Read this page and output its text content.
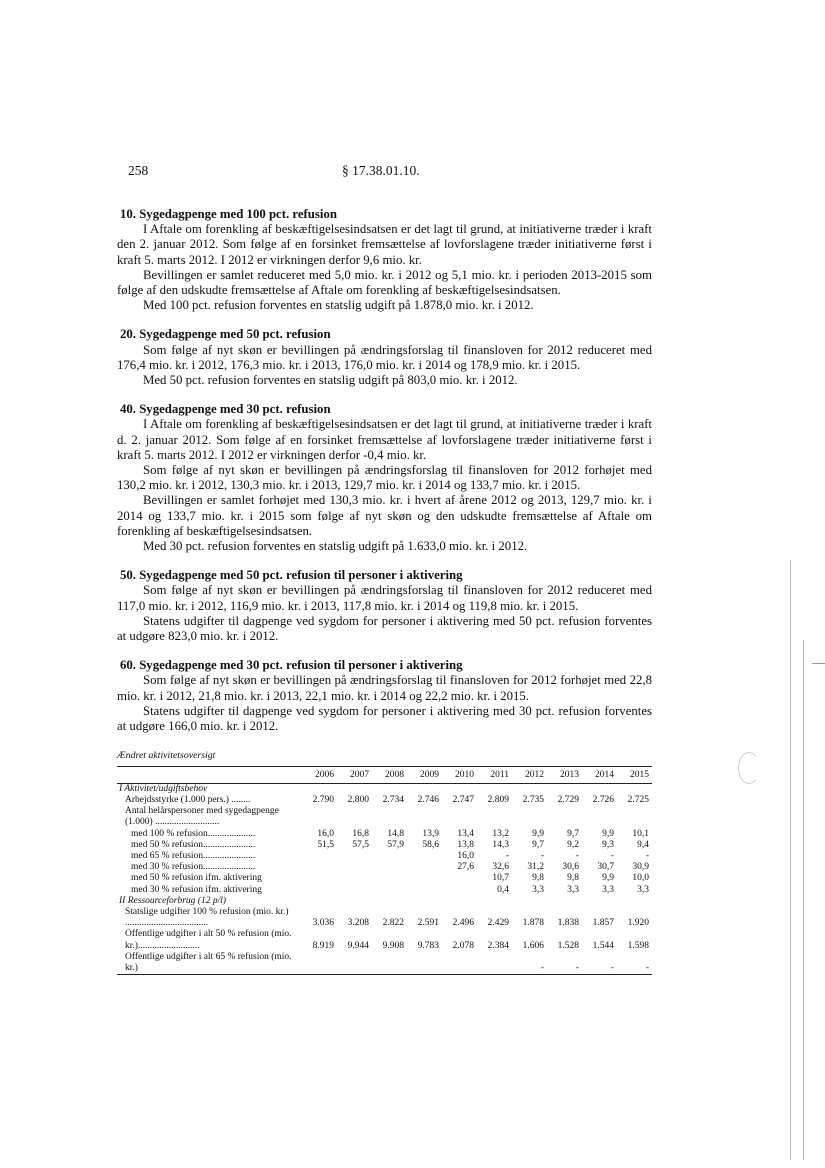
258	§ 17.38.01.10.

10. Sygedagpenge med 100 pct. refusion

I Aftale om forenkling af beskæftigelsesindsatsen er det lagt til grund, at initiativerne træder i kraft den 2. januar 2012. Som følge af en forsinket fremsættelse af lovforslagene træder initiativerne først i kraft 5. marts 2012. I 2012 er virkningen derfor 9,6 mio. kr.

Bevillingen er samlet reduceret med 5,0 mio. kr. i 2012 og 5,1 mio. kr. i perioden 2013-2015 som følge af den udskudte fremsættelse af Aftale om forenkling af beskæftigelsesindsatsen.

Med 100 pct. refusion forventes en statslig udgift på 1.878,0 mio. kr. i 2012.

20. Sygedagpenge med 50 pct. refusion

Som følge af nyt skøn er bevillingen på ændringsforslag til finansloven for 2012 reduceret med 176,4 mio. kr. i 2012, 176,3 mio. kr. i 2013, 176,0 mio. kr. i 2014 og 178,9 mio. kr. i 2015.

Med 50 pct. refusion forventes en statslig udgift på 803,0 mio. kr. i 2012.

40. Sygedagpenge med 30 pct. refusion

I Aftale om forenkling af beskæftigelsesindsatsen er det lagt til grund, at initiativerne træder i kraft d. 2. januar 2012. Som følge af en forsinket fremsættelse af lovforslagene træder initiativerne først i kraft 5. marts 2012. I 2012 er virkningen derfor -0,4 mio. kr.

Som følge af nyt skøn er bevillingen på ændringsforslag til finansloven for 2012 forhøjet med 130,2 mio. kr. i 2012, 130,3 mio. kr. i 2013, 129,7 mio. kr. i 2014 og 133,7 mio. kr. i 2015.

Bevillingen er samlet forhøjet med 130,3 mio. kr. i hvert af årene 2012 og 2013, 129,7 mio. kr. i 2014 og 133,7 mio. kr. i 2015 som følge af nyt skøn og den udskudte fremsættelse af Aftale om forenkling af beskæftigelsesindsatsen.

Med 30 pct. refusion forventes en statslig udgift på 1.633,0 mio. kr. i 2012.

50. Sygedagpenge med 50 pct. refusion til personer i aktivering

Som følge af nyt skøn er bevillingen på ændringsforslag til finansloven for 2012 reduceret med 117,0 mio. kr. i 2012, 116,9 mio. kr. i 2013, 117,8 mio. kr. i 2014 og 119,8 mio. kr. i 2015.

Statens udgifter til dagpenge ved sygdom for personer i aktivering med 50 pct. refusion forventes at udgøre 823,0 mio. kr. i 2012.

60. Sygedagpenge med 30 pct. refusion til personer i aktivering

Som følge af nyt skøn er bevillingen på ændringsforslag til finansloven for 2012 forhøjet med 22,8 mio. kr. i 2012, 21,8 mio. kr. i 2013, 22,1 mio. kr. i 2014 og 22,2 mio. kr. i 2015.

Statens udgifter til dagpenge ved sygdom for personer i aktivering med 30 pct. refusion forventes at udgøre 166,0 mio. kr. i 2012.

Ændret aktivitetsoversigt
	2006	2007	2008	2009	2010	2011	2012	2013	2014	2015
I Aktivitet/udgiftsbehov										
Arbejdsstyrke (1.000 pers.) ........	2.790	2.800	2.734	2.746	2.747	2.809	2.735	2.729	2.726	2.725
Antal helårspersoner med sygedagpenge (1.000) ...........................										
med 100 % refusion....................	16,0	16,8	14,8	13,9	13,4	13,2	9,9	9,7	9,9	10,1
med 50 % refusion......................	51,5	57,5	57,9	58,6	13,8	14,3	9,7	9,2	9,3	9,4
med 65 % refusion......................					16,0	-	-	-	-	-
med 30 % refusion......................					27,6	32,6	31,2	30,6	30,7	30,9
med 50 % refusion ifm. aktivering						10,7	9,8	9,8	9,9	10,0
med 30 % refusion ifm. aktivering						0,4	3,3	3,3	3,3	3,3
II Ressourceforbrug (12 p/l)										
Statslige udgifter 100 % refusion (mio. kr.) ...................................	3.036	3.208	2.822	2.591	2.496	2.429	1.878	1.838	1.857	1.920
Offentlige udgifter i alt 50 % refusion (mio. kr.)..........................	8.919	9.944	9.908	9.783	2.078	2.384	1.606	1.528	1.544	1.598
Offentlige udgifter i alt 65 % refusion (mio. kr.)							-	-	-	-
